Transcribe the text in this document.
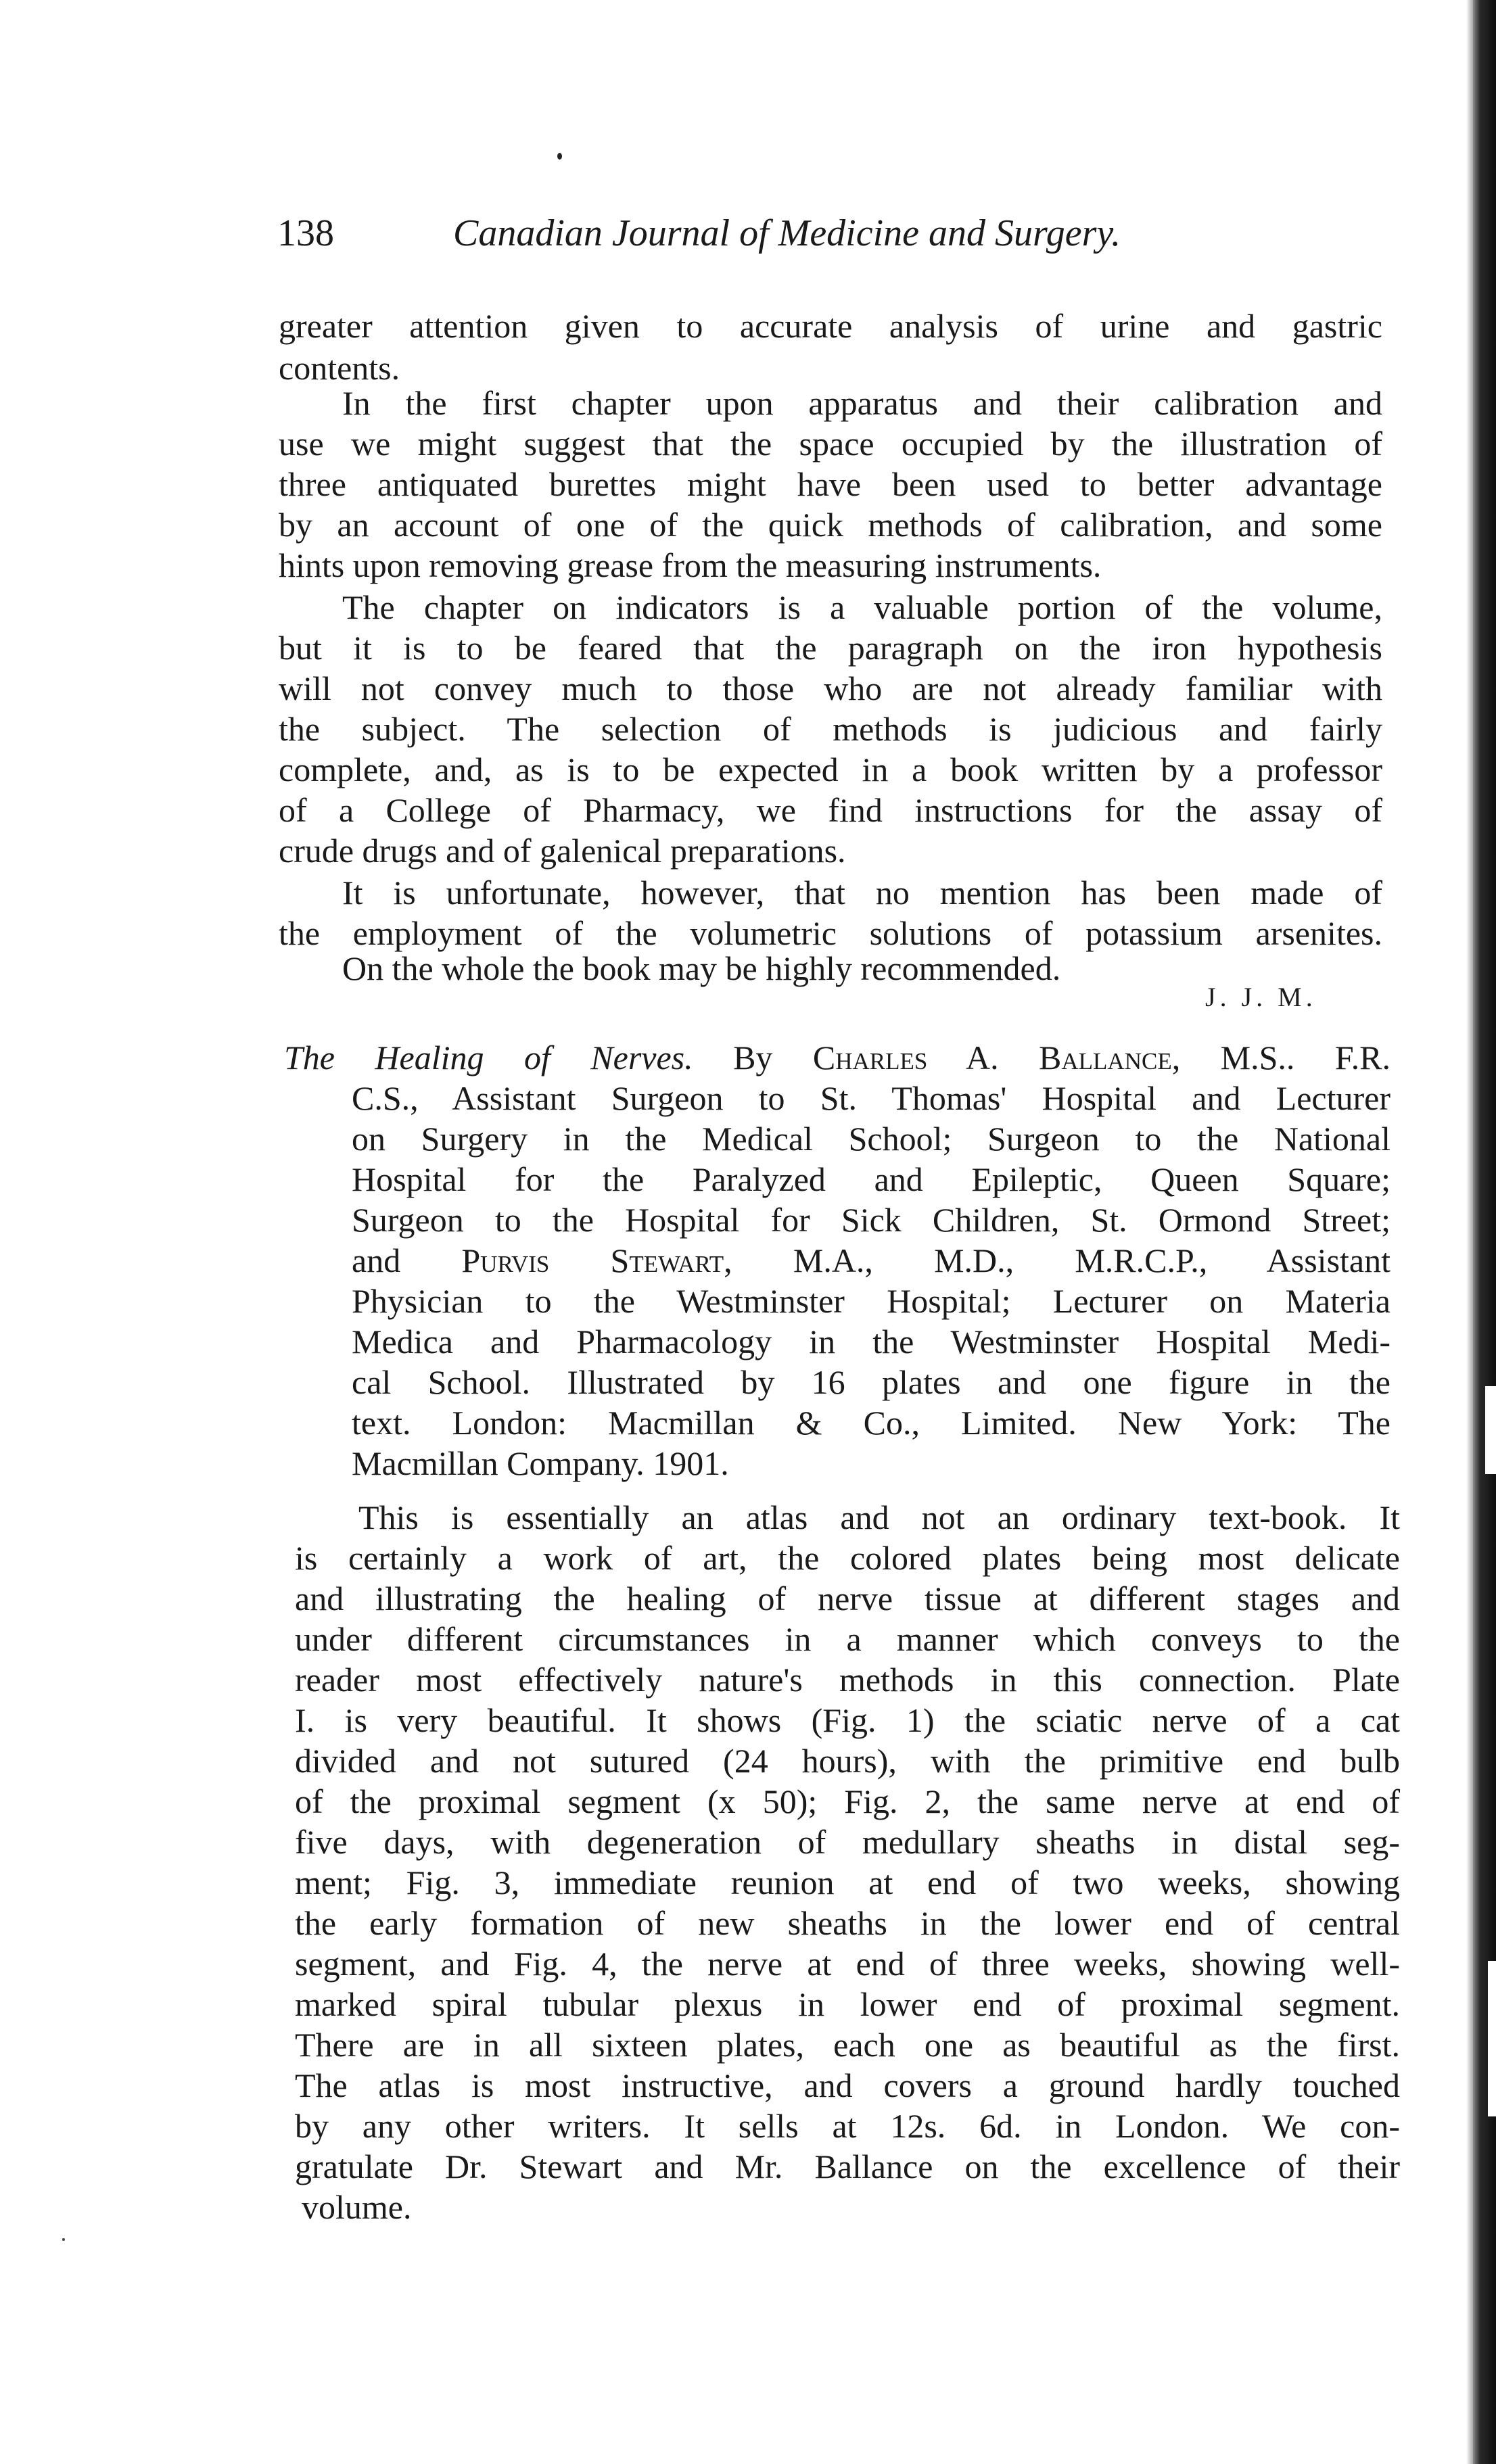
138	Canadian Journal of Medicine and Surgery.
greater attention given to accurate analysis of urine and gastric
contents.
In the first chapter upon apparatus and their calibration and
use we might suggest that the space occupied by the illustration of
three antiquated burettes might have been used to better advantage
by an account of one of the quick methods of calibration, and some
hints upon removing grease from the measuring instruments.
The chapter on indicators is a valuable portion of the volume,
but it is to be feared that the paragraph on the iron hypothesis
will not convey much to those who are not already familiar with
the subject. The selection of methods is judicious and fairly
complete, and, as is to be expected in a book written by a professor
of a College of Pharmacy, we find instructions for the assay of
crude drugs and of galenical preparations.
It is unfortunate, however, that no mention has been made of
the employment of the volumetric solutions of potassium arsenites.
On the whole the book may be highly recommended.
J. J. M.
The Healing of Nerves. By Charles A. Ballance, M.S.. F.R.
C.S., Assistant Surgeon to St. Thomas' Hospital and Lecturer
on Surgery in the Medical School; Surgeon to the National
Hospital for the Paralyzed and Epileptic, Queen Square;
Surgeon to the Hospital for Sick Children, St. Ormond Street;
and Purvis Stewart, M.A., M.D., M.R.C.P., Assistant
Physician to the Westminster Hospital; Lecturer on Materia
Medica and Pharmacology in the Westminster Hospital Medi-
cal School. Illustrated by 16 plates and one figure in the
text. London: Macmillan & Co., Limited. New York: The
Macmillan Company. 1901.
This is essentially an atlas and not an ordinary text-book. It
is certainly a work of art, the colored plates being most delicate
and illustrating the healing of nerve tissue at different stages and
under different circumstances in a manner which conveys to the
reader most effectively nature's methods in this connection. Plate
I. is very beautiful. It shows (Fig. 1) the sciatic nerve of a cat
divided and not sutured (24 hours), with the primitive end bulb
of the proximal segment (x 50); Fig. 2, the same nerve at end of
five days, with degeneration of medullary sheaths in distal seg-
ment; Fig. 3, immediate reunion at end of two weeks, showing
the early formation of new sheaths in the lower end of central
segment, and Fig. 4, the nerve at end of three weeks, showing well-
marked spiral tubular plexus in lower end of proximal segment.
There are in all sixteen plates, each one as beautiful as the first.
The atlas is most instructive, and covers a ground hardly touched
by any other writers. It sells at 12s. 6d. in London. We con-
gratulate Dr. Stewart and Mr. Ballance on the excellence of their
volume.
